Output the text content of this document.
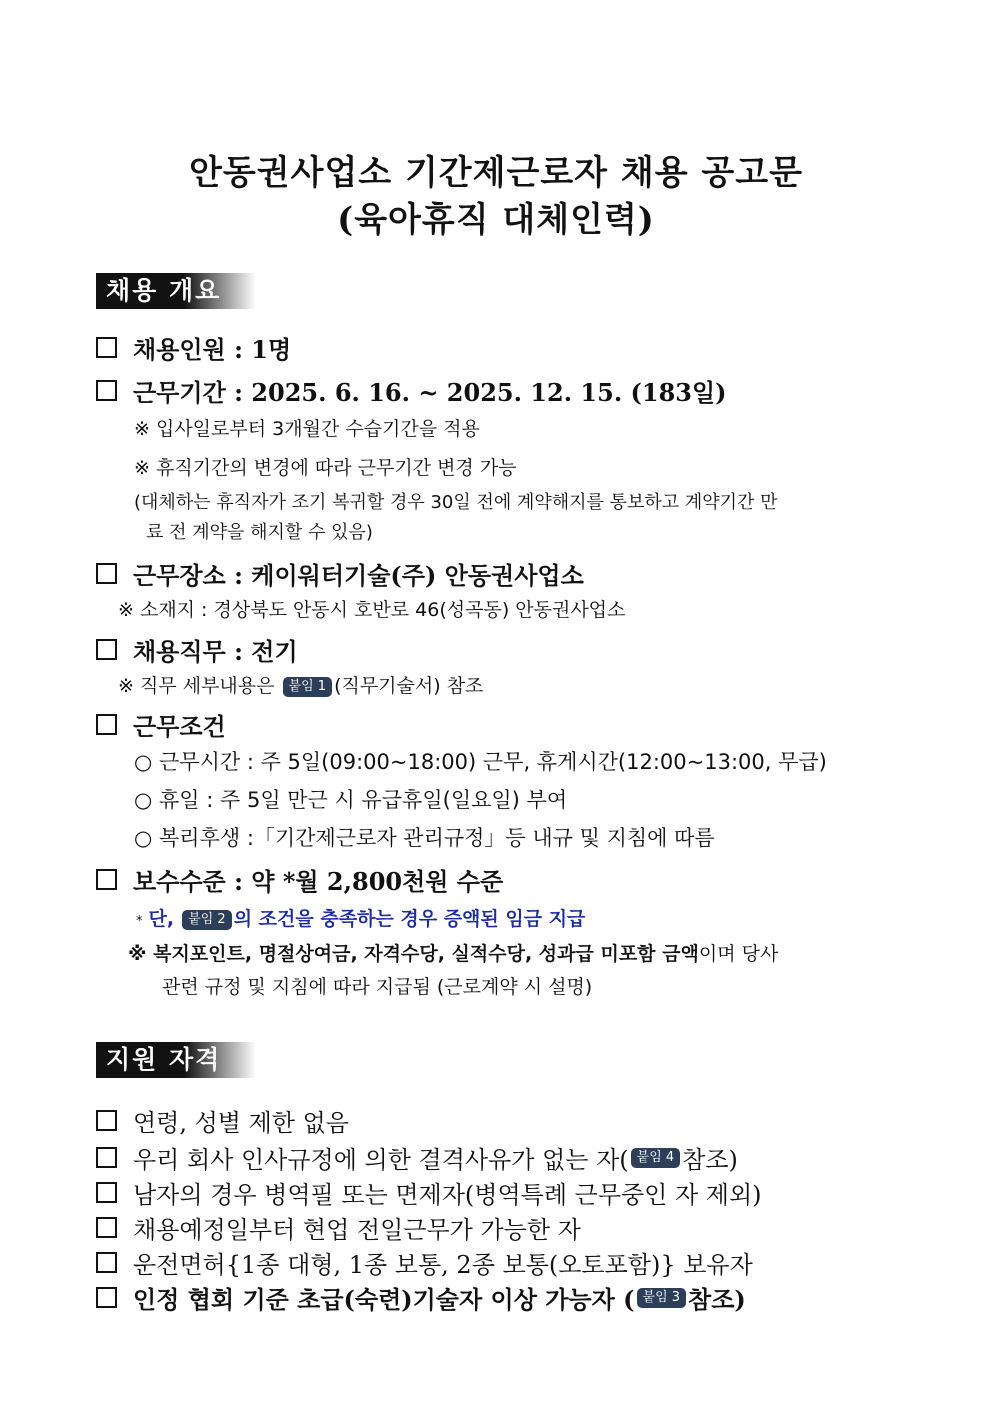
안동권사업소 기간제근로자 채용 공고문
(육아휴직 대체인력)
채용 개요
채용인원 : 1명
근무기간 : 2025. 6. 16. ~ 2025. 12. 15. (183일)
※ 입사일로부터 3개월간 수습기간을 적용
※ 휴직기간의 변경에 따라 근무기간 변경 가능
(대체하는 휴직자가 조기 복귀할 경우 30일 전에 계약해지를 통보하고 계약기간 만
료 전 계약을 해지할 수 있음)
근무장소 : 케이워터기술(주) 안동권사업소
※ 소재지 : 경상북도 안동시 호반로 46(성곡동) 안동권사업소
채용직무 : 전기
※ 직무 세부내용은 붙임 1 (직무기술서) 참조
근무조건
○ 근무시간 : 주 5일(09:00~18:00) 근무, 휴게시간(12:00~13:00, 무급)
○ 휴일 : 주 5일 만근 시 유급휴일(일요일) 부여
○ 복리후생 :「기간제근로자 관리규정」등 내규 및 지침에 따름
보수수준 : 약 *월 2,800천원 수준
* 단, 붙임 2 의 조건을 충족하는 경우 증액된 임금 지급
※ 복지포인트, 명절상여금, 자격수당, 실적수당, 성과급 미포함 금액이며 당사
관련 규정 및 지침에 따라 지급됨 (근로계약 시 설명)
지원 자격
연령, 성별 제한 없음
우리 회사 인사규정에 의한 결격사유가 없는 자( 붙임 4 참조)
남자의 경우 병역필 또는 면제자(병역특례 근무중인 자 제외)
채용예정일부터 현업 전일근무가 가능한 자
운전면허{1종 대형, 1종 보통, 2종 보통(오토포함)} 보유자
인정 협회 기준 초급(숙련)기술자 이상 가능자 ( 붙임 3 참조)
